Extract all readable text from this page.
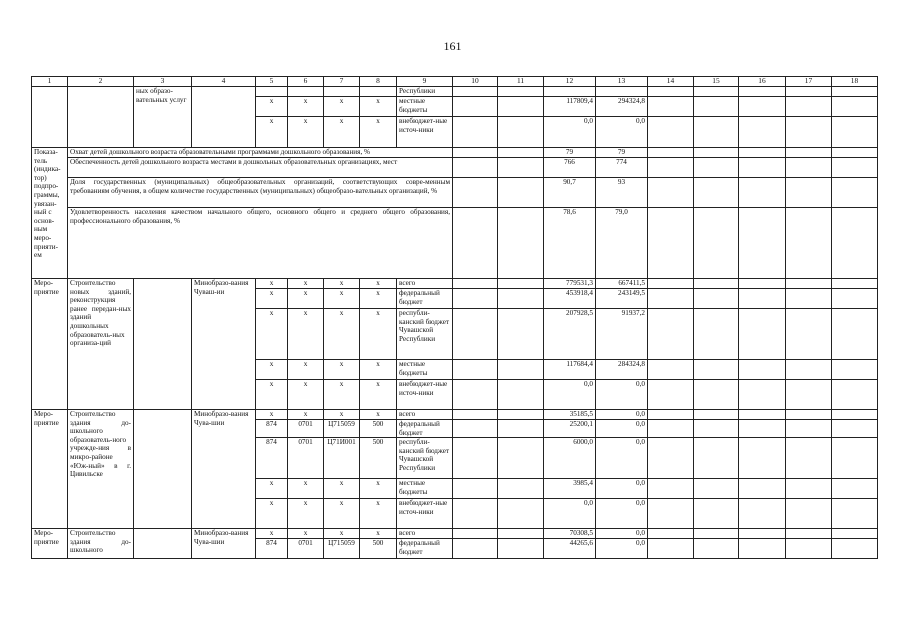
161
1	2	3	4	5	6	7	8	9	10	11	12	13	14	15	16	17	18
		ных образо-вательных услуг						Республики									
				x	x	x	x	местные бюджеты			117809,4	294324,8					
				x	x	x	x	внебюджет-ные источ-ники			0,0	0,0					
Показа-тель (индика-тор) подпро-граммы, увязан-ный с основ-ным меро-прияти-ем	Охват детей дошкольного возраста образовательными программами дошкольного образования, %										79	79					
	Обеспеченность детей дошкольного возраста местами в дошкольных образовательных организациях, мест										766	774					
	Доля государственных (муниципальных) общеобразовательных организаций, соответствующих совре-менным требованиям обучения, в общем количестве государственных (муниципальных) общеобразо-вательных организаций, %										90,7	93					
	Удовлетворенность населения качеством начального общего, основного общего и среднего общего образования, профессионального образования, %										78,6	79,0					
Меро-приятие	Строительство новых зданий, реконструкция ранее передан-ных зданий дошкольных образователь-ных организа-ций		Минобразо-вания Чуваш-ии	x	x	x	x	всего			779531,3	667411,5					
				x	x	x	x	федеральный бюджет			453918,4	243149,5					
				x	x	x	x	республи-канский бюджет Чувашской Республики			207928,5	91937,2					
				x	x	x	x	местные бюджеты			117684,4	284324,8					
				x	x	x	x	внебюджет-ные источ-ники			0,0	0,0					
Меро-приятие	Строительство здания до-школьного образователь-ного учрежде-ния в микро-районе «Юж-ный» в г. Цивильске		Минобразо-вания Чува-шии	x	x	x	x	всего			35185,5	0,0					
				874	0701	Ц715059	500	федеральный бюджет			25200,1	0,0					
				874	0701	Ц71И001	500	республи-канский бюджет Чувашской Республики			6000,0	0,0					
				x	x	x	x	местные бюджеты			3985,4	0,0					
				x	x	x	x	внебюджет-ные источ-ники			0,0	0,0					
Меро-приятие	Строительство здания до-школьного		Минобразо-вания Чува-шии	x	x	x	x	всего			70308,5	0,0					
				874	0701	Ц715059	500	федеральный бюджет			44265,6	0,0					
